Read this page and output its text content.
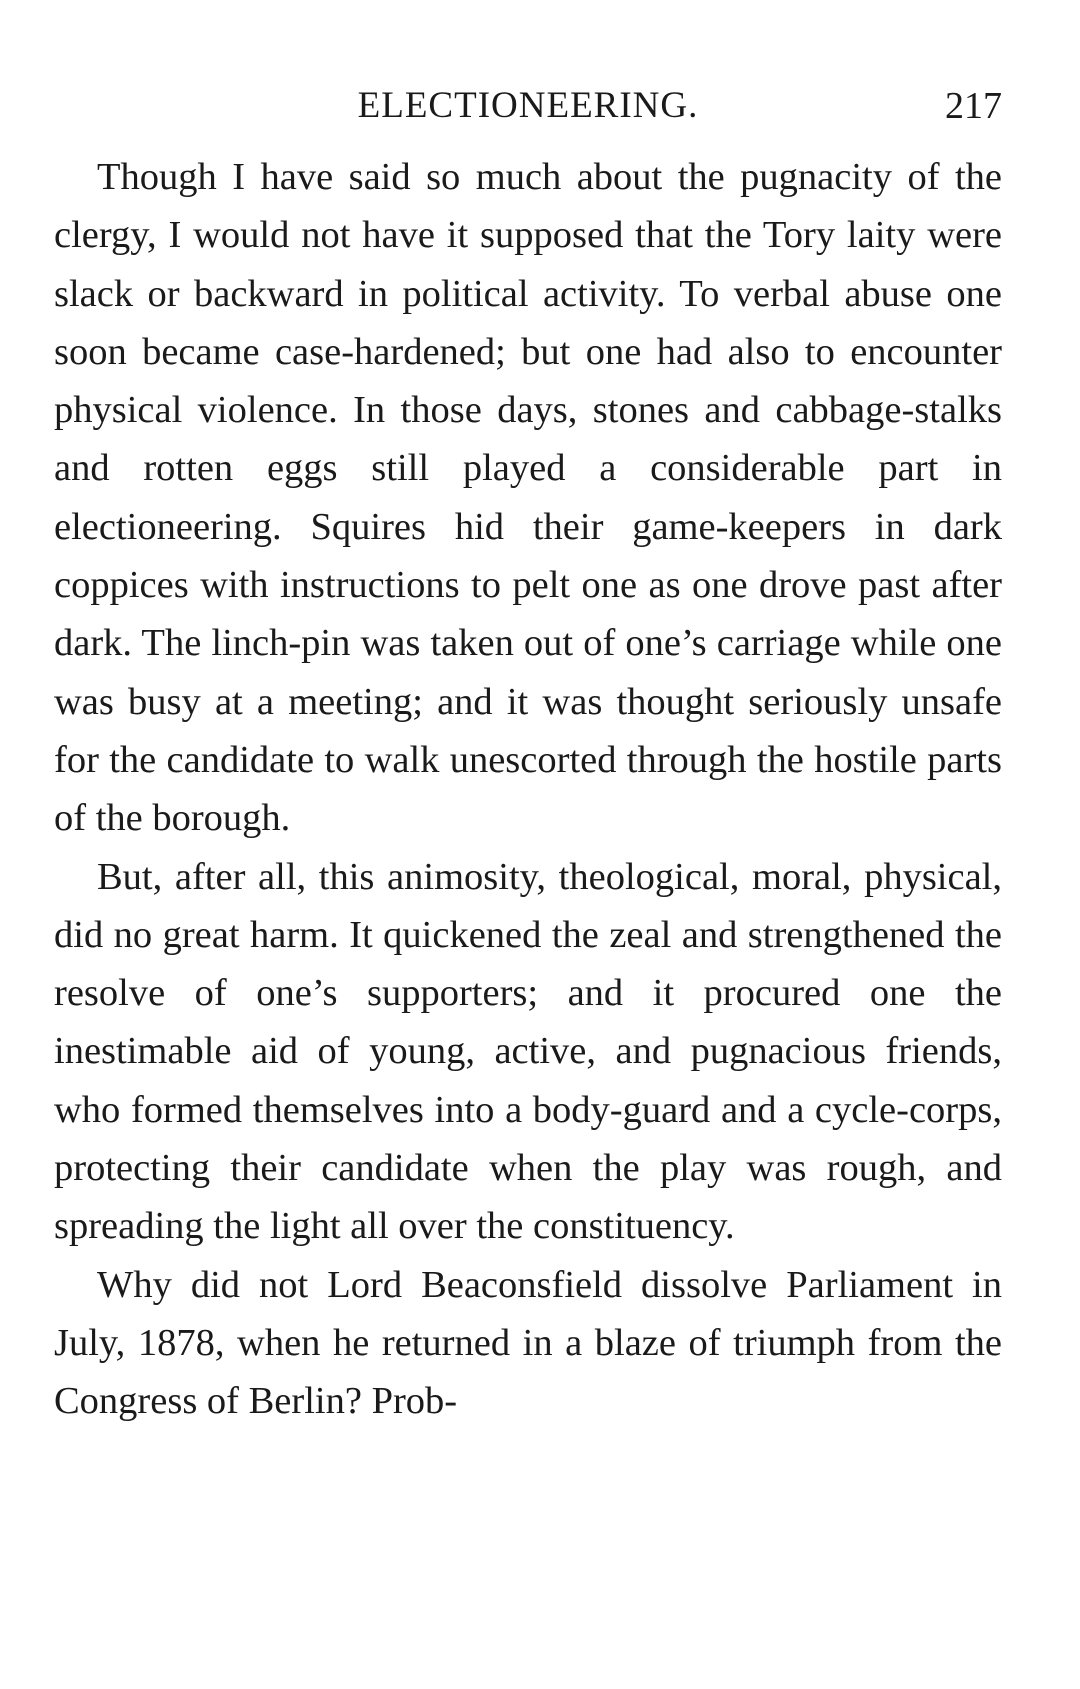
ELECTIONEERING.	217

Though I have said so much about the pugnacity of the clergy, I would not have it supposed that the Tory laity were slack or backward in political activity. To verbal abuse one soon became case-hardened; but one had also to encounter physical violence. In those days, stones and cabbage-stalks and rotten eggs still played a considerable part in electioneering. Squires hid their game-keepers in dark coppices with instructions to pelt one as one drove past after dark. The linch-pin was taken out of one’s carriage while one was busy at a meeting; and it was thought seriously unsafe for the candidate to walk unescorted through the hostile parts of the borough.

But, after all, this animosity, theological, moral, physical, did no great harm. It quickened the zeal and strengthened the resolve of one’s supporters; and it procured one the inestimable aid of young, active, and pugnacious friends, who formed themselves into a body-guard and a cycle-corps, protecting their candidate when the play was rough, and spreading the light all over the constituency.

Why did not Lord Beaconsfield dissolve Parliament in July, 1878, when he returned in a blaze of triumph from the Congress of Berlin? Prob-
